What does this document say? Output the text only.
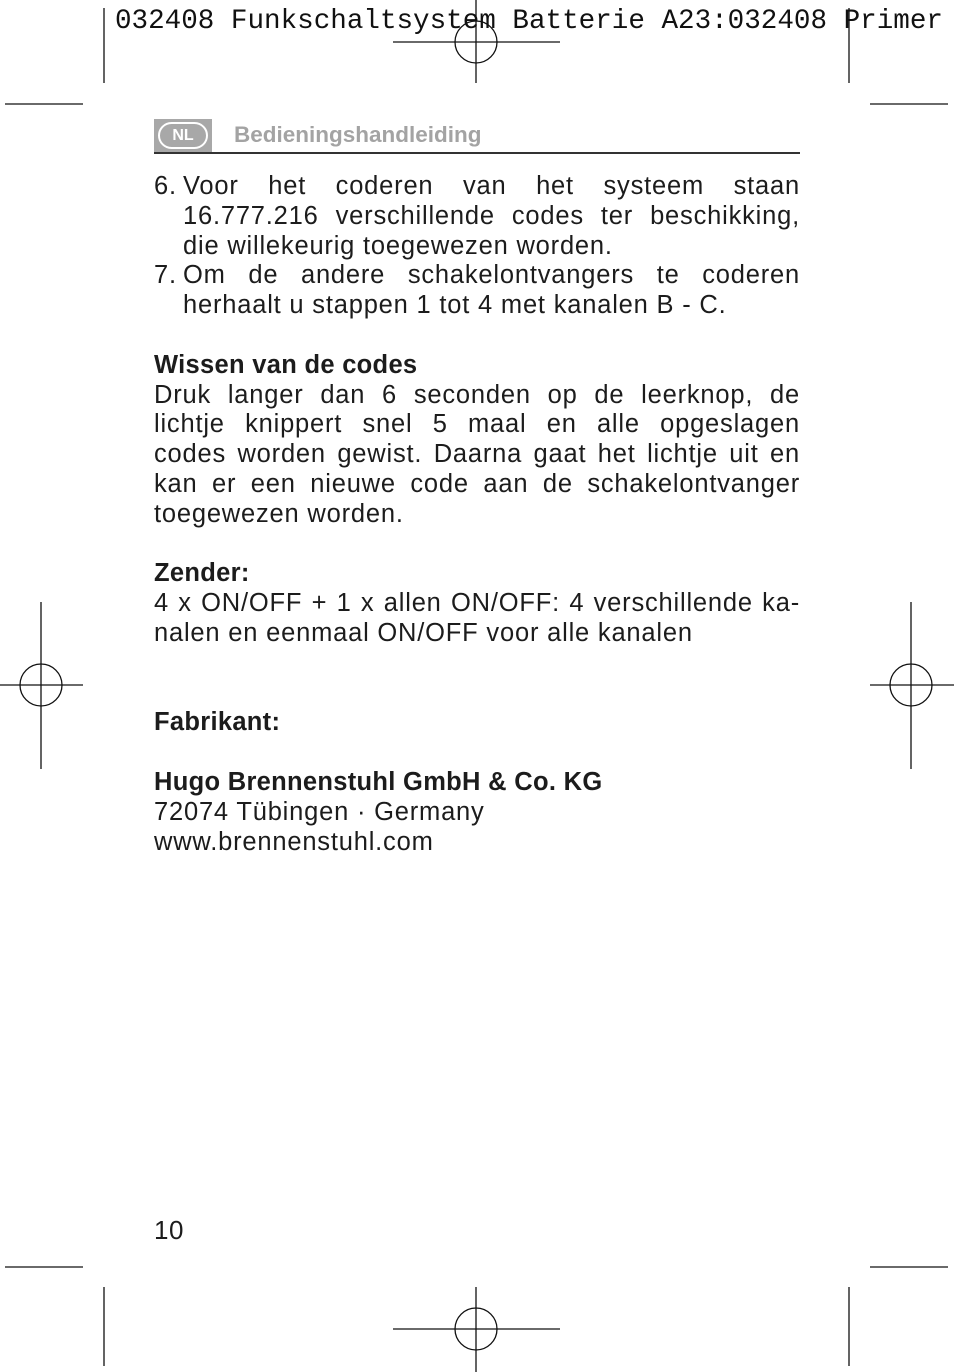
032408 Funkschaltsystem Batterie A23:032408 Primer
NL	Bedieningshandleiding
6. Voor het coderen van het systeem staan
16.777.216 verschillende codes ter beschikking,
die willekeurig toegewezen worden.
7. Om de andere schakelontvangers te coderen
herhaalt u stappen 1 tot 4 met kanalen B - C.
Wissen van de codes
Druk langer dan 6 seconden op de leerknop, de
lichtje knippert snel 5 maal en alle opgeslagen
codes worden gewist. Daarna gaat het lichtje uit en
kan er een nieuwe code aan de schakelontvanger
toegewezen worden.
Zender:
4 x ON/OFF + 1 x allen ON/OFF: 4 verschillende ka-
nalen en eenmaal ON/OFF voor alle kanalen
Fabrikant:
Hugo Brennenstuhl GmbH & Co. KG
72074 Tübingen · Germany
www.brennenstuhl.com
10
